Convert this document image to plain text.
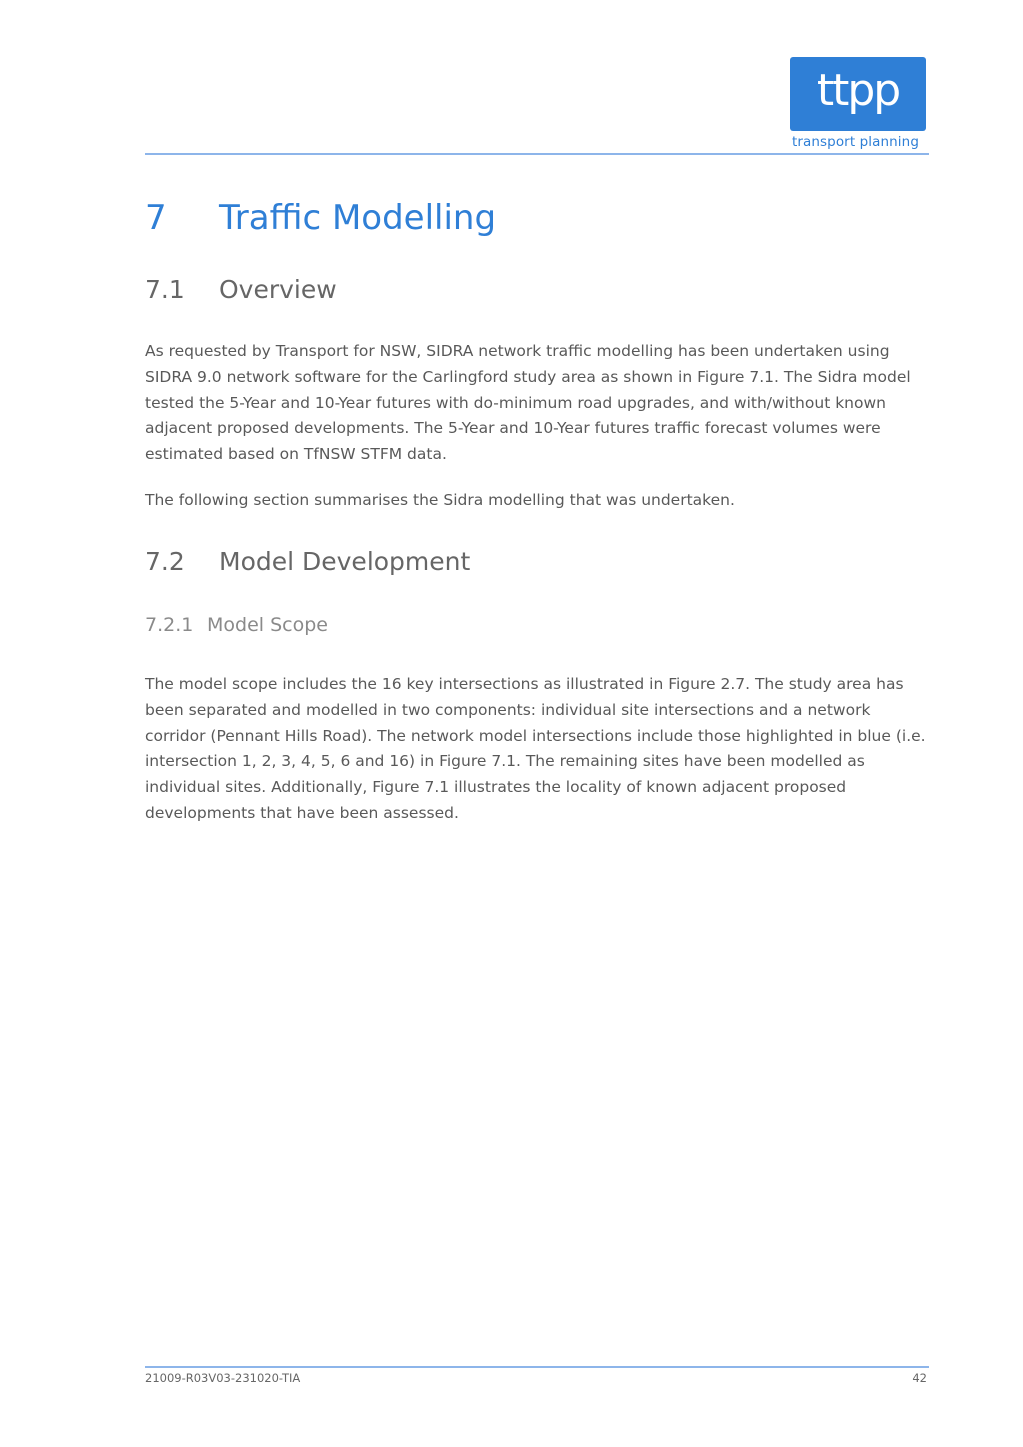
ttpp
transport planning
7 Traffic Modelling
7.1 Overview

As requested by Transport for NSW, SIDRA network traffic modelling has been undertaken using SIDRA 9.0 network software for the Carlingford study area as shown in Figure 7.1. The Sidra model tested the 5-Year and 10-Year futures with do-minimum road upgrades, and with/without known adjacent proposed developments. The 5-Year and 10-Year futures traffic forecast volumes were estimated based on TfNSW STFM data.

The following section summarises the Sidra modelling that was undertaken.

7.2 Model Development
7.2.1 Model Scope

The model scope includes the 16 key intersections as illustrated in Figure 2.7. The study area has been separated and modelled in two components: individual site intersections and a network corridor (Pennant Hills Road). The network model intersections include those highlighted in blue (i.e. intersection 1, 2, 3, 4, 5, 6 and 16) in Figure 7.1. The remaining sites have been modelled as individual sites. Additionally, Figure 7.1 illustrates the locality of known adjacent proposed developments that have been assessed.

21009-R03V03-231020-TIA	42
